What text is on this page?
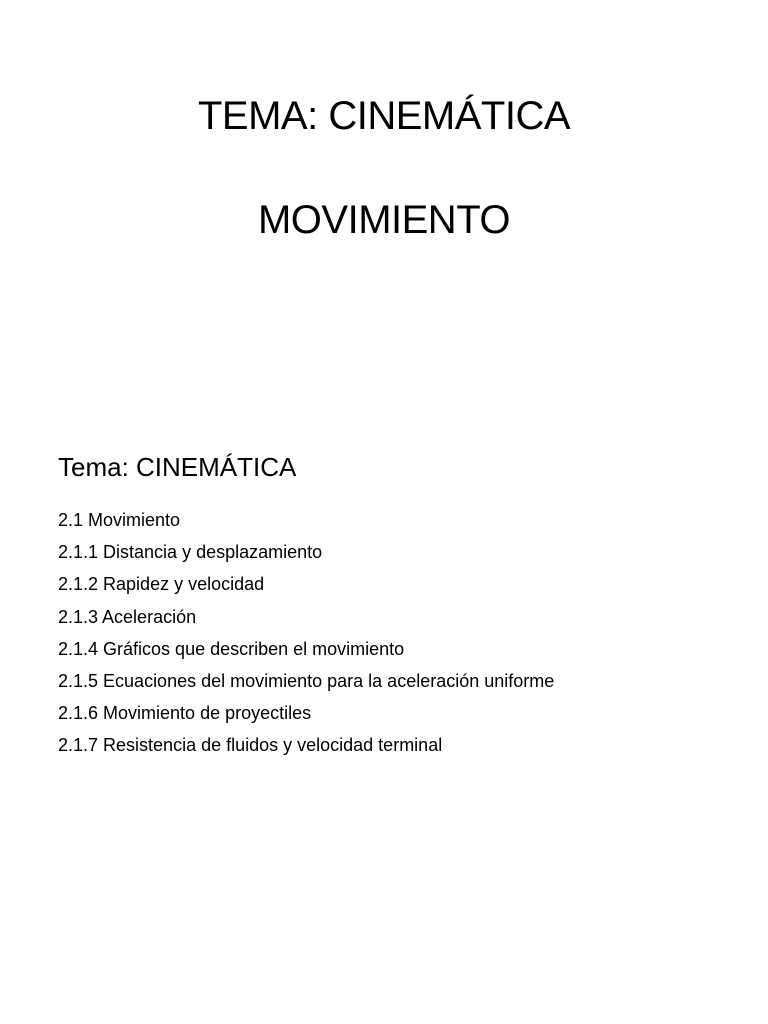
TEMA: CINEMÁTICA
MOVIMIENTO
Tema: CINEMÁTICA
2.1 Movimiento
2.1.1 Distancia y desplazamiento
2.1.2 Rapidez y velocidad
2.1.3 Aceleración
2.1.4 Gráficos que describen el movimiento
2.1.5 Ecuaciones del movimiento para la aceleración uniforme
2.1.6 Movimiento de proyectiles
2.1.7 Resistencia de fluidos y velocidad terminal
